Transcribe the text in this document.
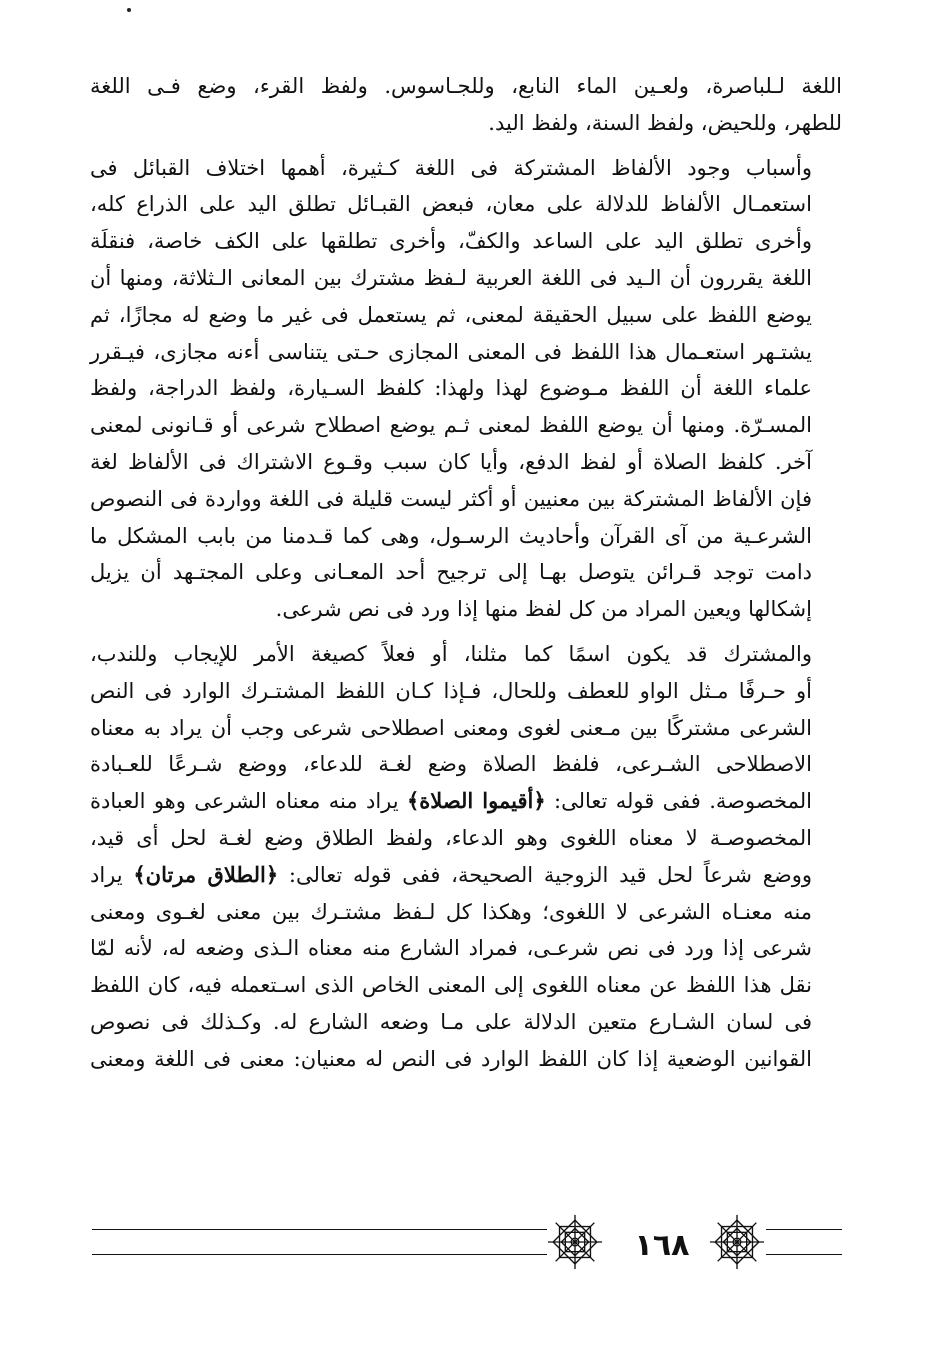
اللغة لـلباصرة، ولعـين الماء النابع، وللجـاسوس. ولفظ القرء، وضع فـى اللغة
للطهر، وللحيض، ولفظ السنة، ولفظ اليد.

وأسباب وجود الألفاظ المشتركة فى اللغة كـثيرة، أهمها اختلاف القبائل فى
استعمـال الألفاظ للدلالة على معان، فبعض القبـائل تطلق اليد على الذراع كله،
وأخرى تطلق اليد على الساعد والكفّ، وأخرى تطلقها على الكف خاصة، فنقلَة
اللغة يقررون أن الـيد فى اللغة العربية لـفظ مشترك بين المعانى الـثلاثة، ومنها أن
يوضع اللفظ على سبيل الحقيقة لمعنى، ثم يستعمل فى غير ما وضع له مجازًا، ثم
يشتـهر استعـمال هذا اللفظ فى المعنى المجازى حـتى يتناسى أءنه مجازى، فيـقرر
علماء اللغة أن اللفظ مـوضوع لهذا ولهذا: كلفظ السـيارة، ولفظ الدراجة، ولفظ
المسـرّة. ومنها أن يوضع اللفظ لمعنى ثـم يوضع اصطلاح شرعى أو قـانونى لمعنى
آخر. كلفظ الصلاة أو لفظ الدفع، وأيا كان سبب وقـوع الاشتراك فى الألفاظ لغة
فإن الألفاظ المشتركة بين معنيين أو أكثر ليست قليلة فى اللغة وواردة فى النصوص
الشرعـية من آى القرآن وأحاديث الرسـول، وهى كما قـدمنا من بابب المشكل ما
دامت توجد قـرائن يتوصل بهـا إلى ترجيح أحد المعـانى وعلى المجتـهد أن يزيل
إشكالها ويعين المراد من كل لفظ منها إذا ورد فى نص شرعى.

والمشترك قد يكون اسمًا كما مثلنا، أو فعلاً كصيغة الأمر للإيجاب وللندب،
أو حـرفًا مـثل الواو للعطف وللحال، فـإذا كـان اللفظ المشتـرك الوارد فى النص
الشرعى مشتركًا بين مـعنى لغوى ومعنى اصطلاحى شرعى وجب أن يراد به معناه
الاصطلاحى الشـرعى، فلفظ الصلاة وضع لغـة للدعاء، ووضع شـرعًا للعـبادة
المخصوصة. ففى قوله تعالى: ﴿أقيموا الصلاة﴾ يراد منه معناه الشرعى وهو العبادة
المخصوصـة لا معناه اللغوى وهو الدعاء، ولفظ الطلاق وضع لغـة لحل أى قيد،
ووضع شرعاً لحل قيد الزوجية الصحيحة، ففى قوله تعالى: ﴿الطلاق مرتان﴾ يراد
منه معنـاه الشرعى لا اللغوى؛ وهكذا كل لـفظ مشتـرك بين معنى لغـوى ومعنى
شرعى إذا ورد فى نص شرعـى، فمراد الشارع منه معناه الـذى وضعه له، لأنه لمّا
نقل هذا اللفظ عن معناه اللغوى إلى المعنى الخاص الذى اسـتعمله فيه، كان اللفظ
فى لسان الشـارع متعين الدلالة على مـا وضعه الشارع له. وكـذلك فى نصوص
القوانين الوضعية إذا كان اللفظ الوارد فى النص له معنيان: معنى فى اللغة ومعنى

١٦٨
